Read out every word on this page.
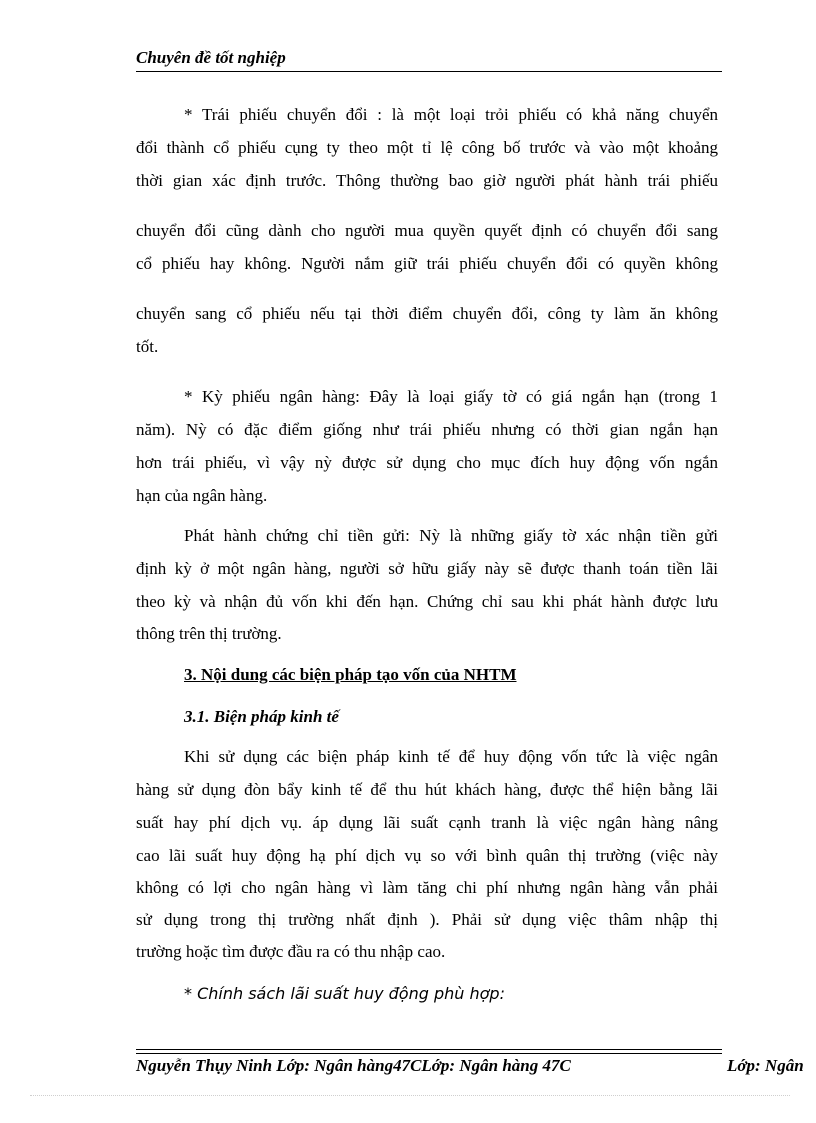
Chuyên đề tốt nghiệp
* Trái phiếu chuyển đổi : là một loại trỏi phiếu có khả năng chuyển
đổi thành cổ phiếu cụng ty theo một tỉ lệ công bố trước và vào một khoảng
thời gian xác định trước. Thông thường bao giờ người phát hành trái phiếu
chuyển đổi cũng dành cho người mua quyền quyết định có chuyển đổi sang
cổ phiếu hay không. Người nắm giữ trái phiếu chuyển đổi có quyền không
chuyển sang cổ phiếu nếu tại thời điểm chuyển đổi, công ty làm ăn không
tốt.
* Kỳ phiếu ngân hàng: Đây là loại giấy tờ có giá ngắn hạn (trong 1
năm). Nỳ có đặc điểm giống như trái phiếu nhưng có thời gian ngắn hạn
hơn trái phiếu, vì vậy nỳ được sử dụng cho mục đích huy động vốn ngắn
hạn của ngân hàng.
Phát hành chứng chỉ tiền gửi: Nỳ là những giấy tờ xác nhận tiền gửi
định kỳ ở một ngân hàng, người sở hữu giấy này sẽ được thanh toán tiền lãi
theo kỳ và nhận đủ vốn khi đến hạn. Chứng chỉ sau khi phát hành được lưu
thông trên thị trường.
3. Nội dung các biện pháp tạo vốn của NHTM
3.1. Biện pháp kinh tế
Khi sử dụng các biện pháp kinh tế để huy động vốn tức là việc ngân
hàng sử dụng đòn bẩy kinh tế để thu hút khách hàng, được thể hiện bằng lãi
suất hay phí dịch vụ. áp dụng lãi suất cạnh tranh là việc ngân hàng nâng
cao lãi suất huy động hạ phí dịch vụ so với bình quân thị trường (việc này
không có lợi cho ngân hàng vì làm tăng chi phí nhưng ngân hàng vẫn phải
sử dụng trong thị trường nhất định ). Phải sử dụng việc thâm nhập thị
trường hoặc tìm được đầu ra có thu nhập cao.
* Chính sách lãi suất huy động phù hợp:
Nguyễn Thụy Ninh Lớp: Ngân hàng47CLớp: Ngân hàng 47C	Lớp: Ngân
